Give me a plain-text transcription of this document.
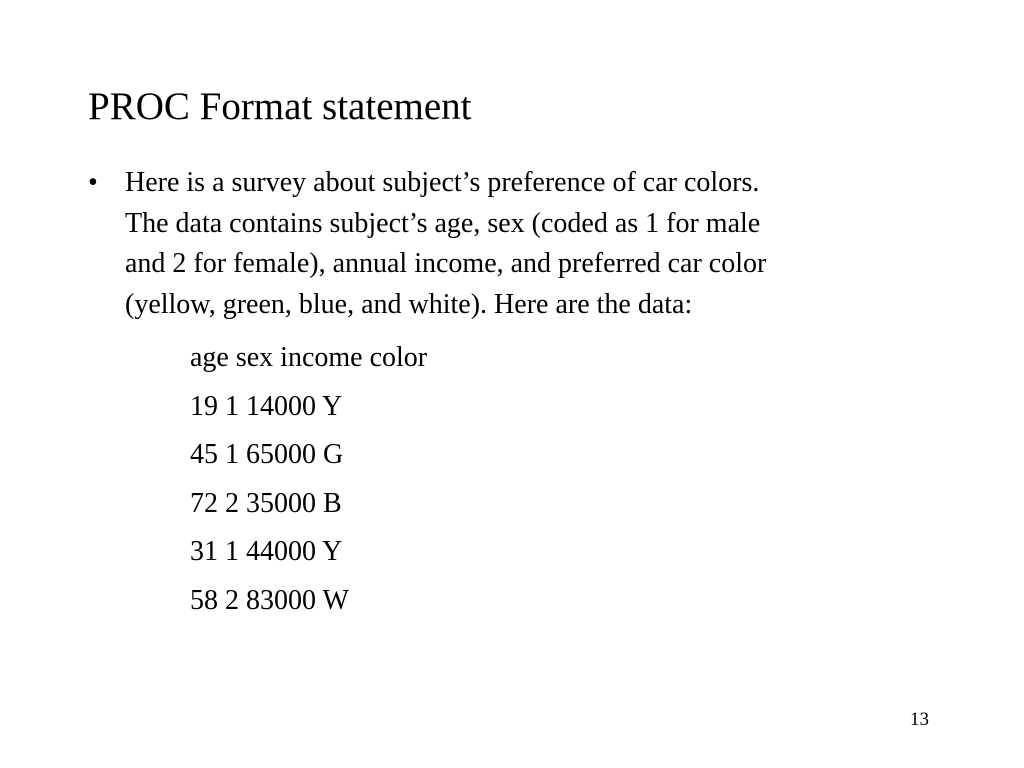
PROC Format statement
• Here is a survey about subject’s preference of car colors.
The data contains subject’s age, sex (coded as 1 for male
and 2 for female), annual income, and preferred car color
(yellow, green, blue, and white). Here are the data:
age sex income color
19 1 14000 Y
45 1 65000 G
72 2 35000 B
31 1 44000 Y
58 2 83000 W
13
